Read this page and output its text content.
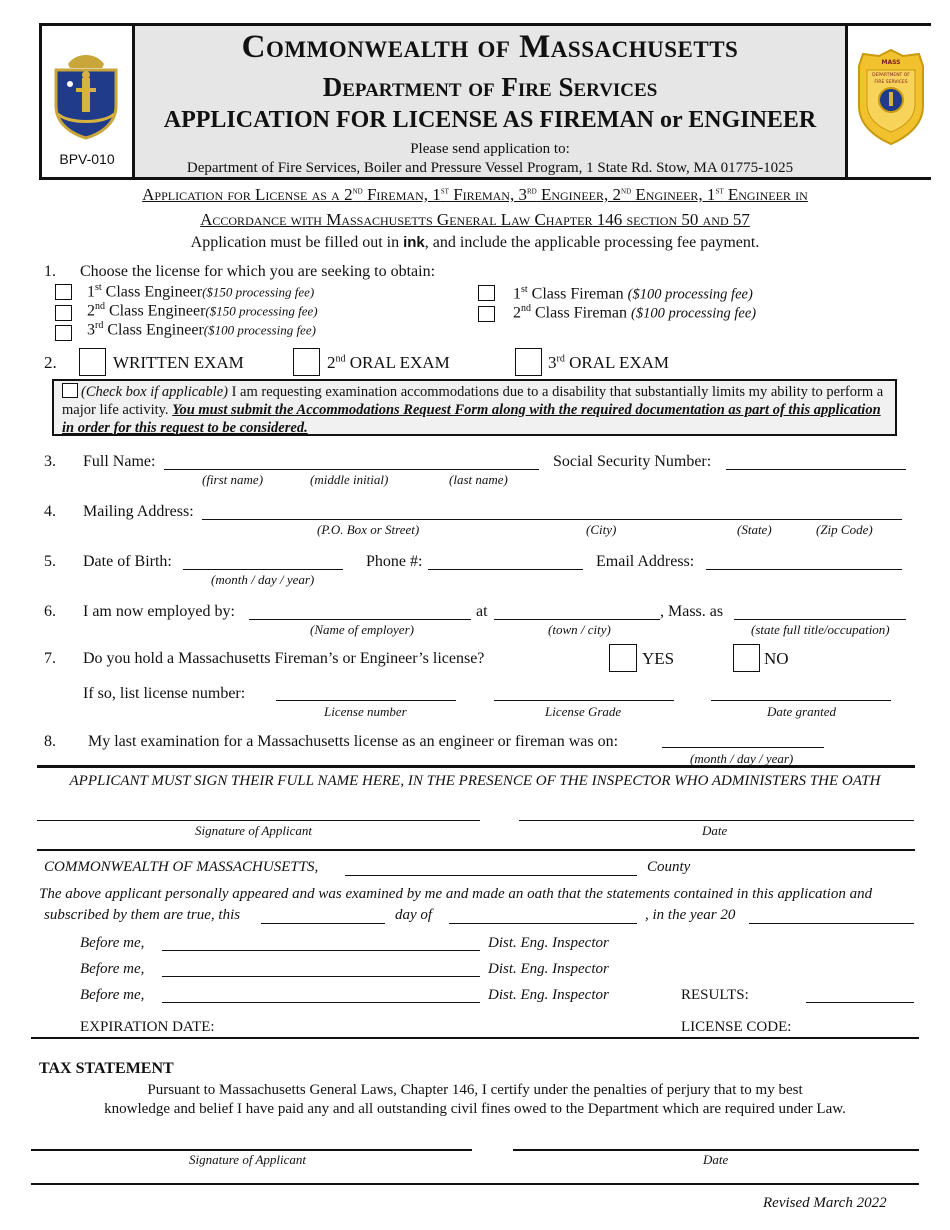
BPV-010
Commonwealth of Massachusetts
Department of Fire Services
APPLICATION FOR LICENSE AS FIREMAN or ENGINEER
Please send application to:
Department of Fire Services, Boiler and Pressure Vessel Program, 1 State Rd. Stow, MA 01775-1025
MASS
DEPARTMENT OF
FIRE SERVICES
Application for License as a 2nd Fireman, 1st Fireman, 3rd Engineer, 2nd Engineer, 1st Engineer in
Accordance with Massachusetts General Law Chapter 146 section 50 and 57
Application must be filled out in ink, and include the applicable processing fee payment.
1. Choose the license for which you are seeking to obtain:
1st Class Engineer($150 processing fee)
2nd Class Engineer($150 processing fee)
3rd Class Engineer($100 processing fee)
1st Class Fireman ($100 processing fee)
2nd Class Fireman ($100 processing fee)
2.	WRITTEN EXAM	2nd ORAL EXAM	3rd ORAL EXAM
(Check box if applicable) I am requesting examination accommodations due to a disability that substantially limits my ability to perform a major life activity. You must submit the Accommodations Request Form along with the required documentation as part of this application in order for this request to be considered.
3. Full Name:
(first name)	(middle initial)	(last name)
Social Security Number:
4. Mailing Address:
(P.O. Box or Street)	(City)	(State)	(Zip Code)
5. Date of Birth:
(month / day / year)
Phone #:	Email Address:
6. I am now employed by:	at	, Mass. as
(Name of employer)	(town / city)	(state full title/occupation)
7. Do you hold a Massachusetts Fireman’s or Engineer’s license?	YES	NO
If so, list license number:
License number	License Grade	Date granted
8. My last examination for a Massachusetts license as an engineer or fireman was on:
(month / day / year)
APPLICANT MUST SIGN THEIR FULL NAME HERE, IN THE PRESENCE OF THE INSPECTOR WHO ADMINISTERS THE OATH
Signature of Applicant	Date
COMMONWEALTH OF MASSACHUSETTS,	County
The above applicant personally appeared and was examined by me and made an oath that the statements contained in this application and
subscribed by them are true, this	day of	, in the year 20
Before me,	Dist. Eng. Inspector
Before me,	Dist. Eng. Inspector
Before me,	Dist. Eng. Inspector	RESULTS:
EXPIRATION DATE:	LICENSE CODE:
TAX STATEMENT
Pursuant to Massachusetts General Laws, Chapter 146, I certify under the penalties of perjury that to my best
knowledge and belief I have paid any and all outstanding civil fines owed to the Department which are required under Law.
Signature of Applicant	Date
Revised March 2022
